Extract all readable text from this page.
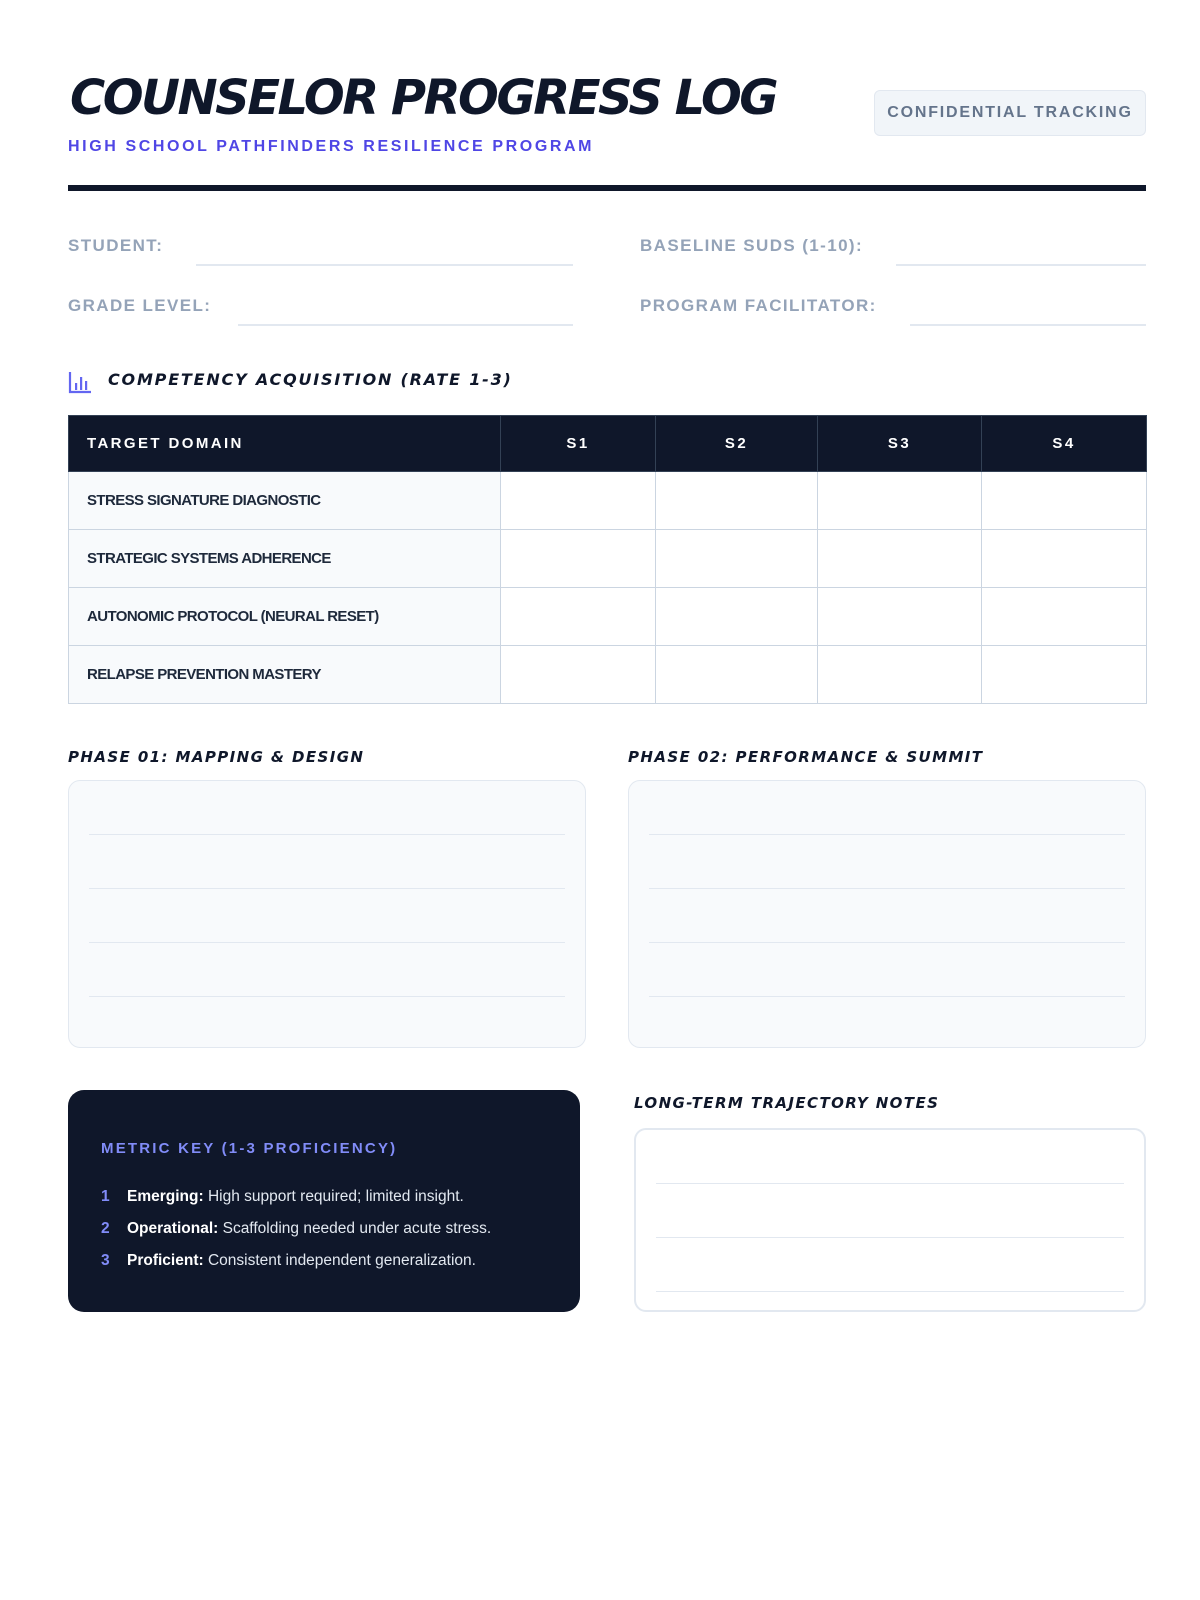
COUNSELOR PROGRESS LOG
HIGH SCHOOL PATHFINDERS RESILIENCE PROGRAM
CONFIDENTIAL TRACKING
STUDENT:	BASELINE SUDS (1-10):
GRADE LEVEL:	PROGRAM FACILITATOR:
COMPETENCY ACQUISITION (RATE 1-3)
TARGET DOMAIN	S1	S2	S3	S4
STRESS SIGNATURE DIAGNOSTIC				
STRATEGIC SYSTEMS ADHERENCE				
AUTONOMIC PROTOCOL (NEURAL RESET)				
RELAPSE PREVENTION MASTERY				
PHASE 01: MAPPING & DESIGN	PHASE 02: PERFORMANCE & SUMMIT
METRIC KEY (1-3 PROFICIENCY)
1 Emerging: High support required; limited insight.
2 Operational: Scaffolding needed under acute stress.
3 Proficient: Consistent independent generalization.
LONG-TERM TRAJECTORY NOTES
